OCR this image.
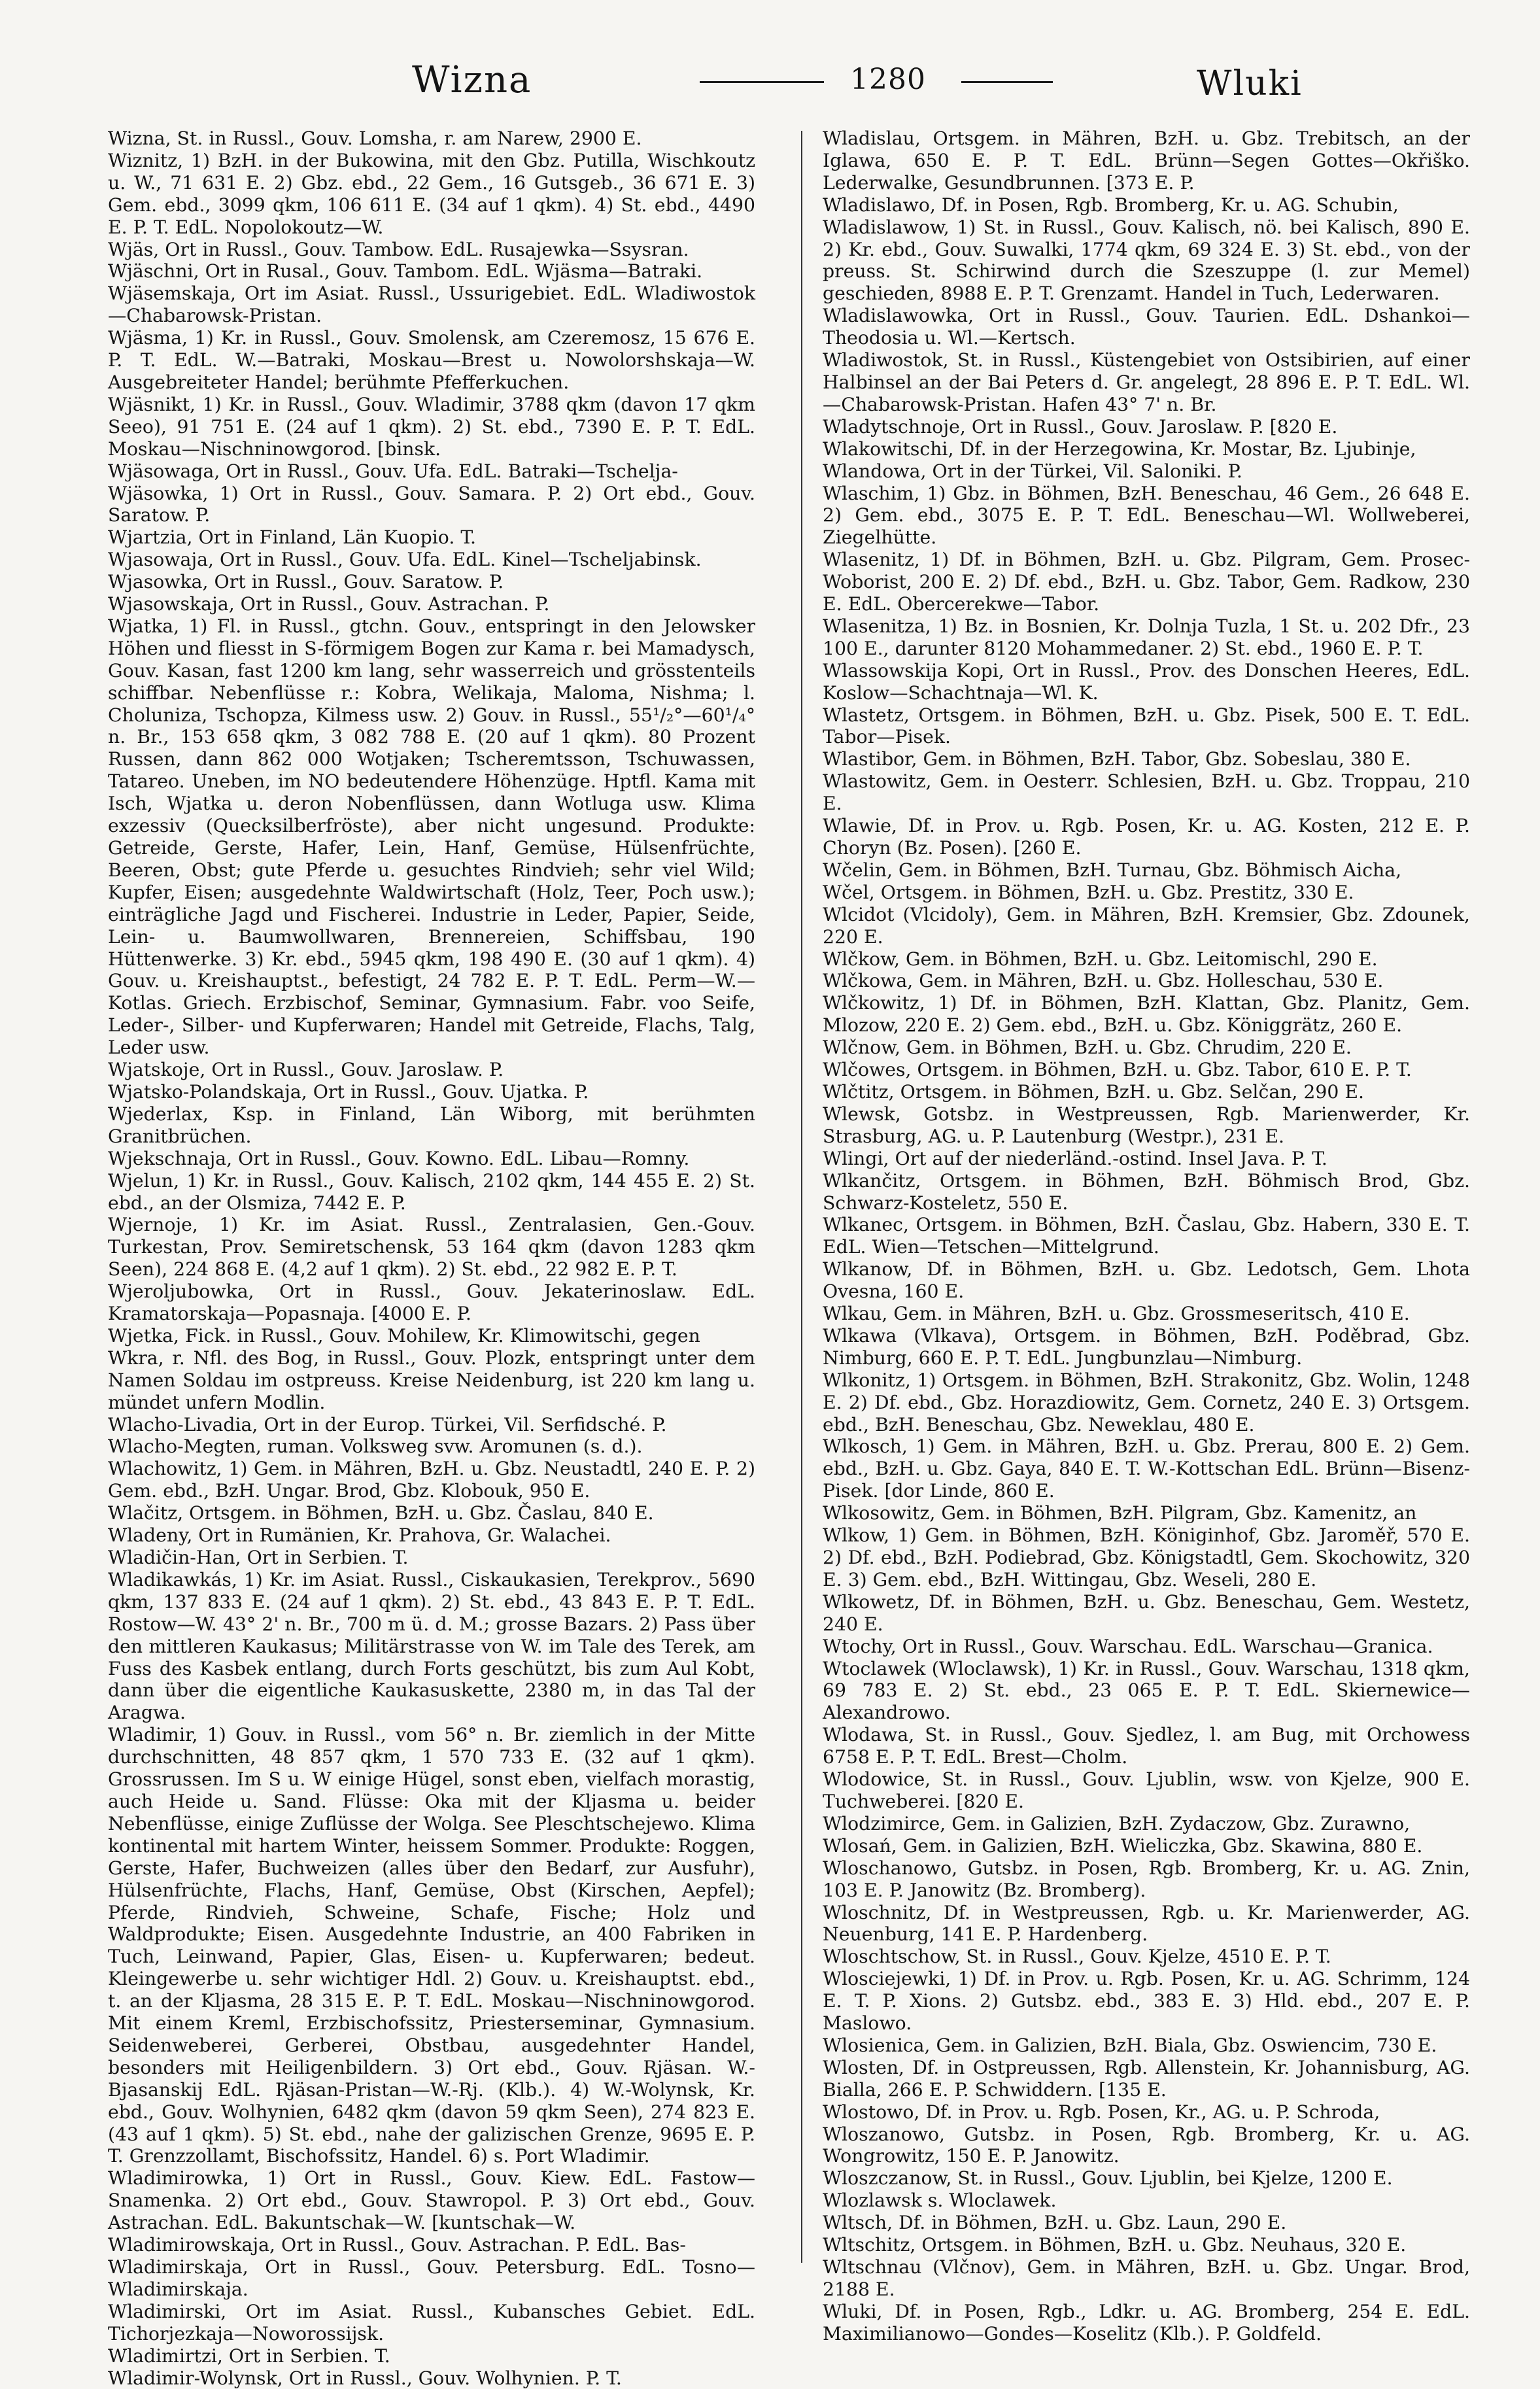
Wizna	1280	Wluki

Wizna, St. in Russl., Gouv. Lomsha, r. am Narew, 2900 E.

Wiznitz, 1) BzH. in der Bukowina, mit den Gbz. Putilla, Wischkoutz u. W., 71 631 E. 2) Gbz. ebd., 22 Gem., 16 Gutsgeb., 36 671 E. 3) Gem. ebd., 3099 qkm, 106 611 E. (34 auf 1 qkm). 4) St. ebd., 4490 E. P. T. EdL. Nopolokoutz—W.

Wjäs, Ort in Russl., Gouv. Tambow. EdL. Rusajewka—Ssysran.

Wjäschni, Ort in Rusal., Gouv. Tambom. EdL. Wjäsma—Batraki.

Wjäsemskaja, Ort im Asiat. Russl., Ussurigebiet. EdL. Wladiwostok—Chabarowsk-Pristan.

Wjäsma, 1) Kr. in Russl., Gouv. Smolensk, am Czeremosz, 15 676 E. P. T. EdL. W.—Batraki, Moskau—Brest u. Nowolorshskaja—W. Ausgebreiteter Handel; berühmte Pfefferkuchen.

Wjäsnikt, 1) Kr. in Russl., Gouv. Wladimir, 3788 qkm (davon 17 qkm Seeo), 91 751 E. (24 auf 1 qkm). 2) St. ebd., 7390 E. P. T. EdL. Moskau—Nischninowgorod. [binsk.

Wjäsowaga, Ort in Russl., Gouv. Ufa. EdL. Batraki—Tschelja-

Wjäsowka, 1) Ort in Russl., Gouv. Samara. P. 2) Ort ebd., Gouv. Saratow. P.

Wjartzia, Ort in Finland, Län Kuopio. T.

Wjasowaja, Ort in Russl., Gouv. Ufa. EdL. Kinel—Tscheljabinsk.

Wjasowka, Ort in Russl., Gouv. Saratow. P.

Wjasowskaja, Ort in Russl., Gouv. Astrachan. P.

Wjatka, 1) Fl. in Russl., gtchn. Gouv., entspringt in den Jelowsker Höhen und fliesst in S-förmigem Bogen zur Kama r. bei Mamadysch, Gouv. Kasan, fast 1200 km lang, sehr wasserreich und grösstenteils schiffbar. Nebenflüsse r.: Kobra, Welikaja, Maloma, Nishma; l. Choluniza, Tschopza, Kilmess usw. 2) Gouv. in Russl., 55¹/₂°—60¹/₄° n. Br., 153 658 qkm, 3 082 788 E. (20 auf 1 qkm). 80 Prozent Russen, dann 862 000 Wotjaken; Tscheremtsson, Tschuwassen, Tatareo. Uneben, im NO bedeutendere Höhenzüge. Hptfl. Kama mit Isch, Wjatka u. deron Nobenflüssen, dann Wotluga usw. Klima exzessiv (Quecksilberfröste), aber nicht ungesund. Produkte: Getreide, Gerste, Hafer, Lein, Hanf, Gemüse, Hülsenfrüchte, Beeren, Obst; gute Pferde u. gesuchtes Rindvieh; sehr viel Wild; Kupfer, Eisen; ausgedehnte Waldwirtschaft (Holz, Teer, Poch usw.); einträgliche Jagd und Fischerei. Industrie in Leder, Papier, Seide, Lein- u. Baumwollwaren, Brennereien, Schiffsbau, 190 Hüttenwerke. 3) Kr. ebd., 5945 qkm, 198 490 E. (30 auf 1 qkm). 4) Gouv. u. Kreishauptst., befestigt, 24 782 E. P. T. EdL. Perm—W.—Kotlas. Griech. Erzbischof, Seminar, Gymnasium. Fabr. voo Seife, Leder-, Silber- und Kupferwaren; Handel mit Getreide, Flachs, Talg, Leder usw.

Wjatskoje, Ort in Russl., Gouv. Jaroslaw. P.

Wjatsko-Polandskaja, Ort in Russl., Gouv. Ujatka. P.

Wjederlax, Ksp. in Finland, Län Wiborg, mit berühmten Granitbrüchen.

Wjekschnaja, Ort in Russl., Gouv. Kowno. EdL. Libau—Romny.

Wjelun, 1) Kr. in Russl., Gouv. Kalisch, 2102 qkm, 144 455 E. 2) St. ebd., an der Olsmiza, 7442 E. P.

Wjernoje, 1) Kr. im Asiat. Russl., Zentralasien, Gen.-Gouv. Turkestan, Prov. Semiretschensk, 53 164 qkm (davon 1283 qkm Seen), 224 868 E. (4,2 auf 1 qkm). 2) St. ebd., 22 982 E. P. T.

Wjeroljubowka, Ort in Russl., Gouv. Jekaterinoslaw. EdL. Kramatorskaja—Popasnaja. [4000 E. P.

Wjetka, Fick. in Russl., Gouv. Mohilew, Kr. Klimowitschi, gegen

Wkra, r. Nfl. des Bog, in Russl., Gouv. Plozk, entspringt unter dem Namen Soldau im ostpreuss. Kreise Neidenburg, ist 220 km lang u. mündet unfern Modlin.

Wlacho-Livadia, Ort in der Europ. Türkei, Vil. Serfidsché. P.

Wlacho-Megten, ruman. Volksweg svw. Aromunen (s. d.).

Wlachowitz, 1) Gem. in Mähren, BzH. u. Gbz. Neustadtl, 240 E. P. 2) Gem. ebd., BzH. Ungar. Brod, Gbz. Klobouk, 950 E.

Wlačitz, Ortsgem. in Böhmen, BzH. u. Gbz. Časlau, 840 E.

Wladeny, Ort in Rumänien, Kr. Prahova, Gr. Walachei.

Wladičin-Han, Ort in Serbien. T.

Wladikawkás, 1) Kr. im Asiat. Russl., Ciskaukasien, Terekprov., 5690 qkm, 137 833 E. (24 auf 1 qkm). 2) St. ebd., 43 843 E. P. T. EdL. Rostow—W. 43° 2' n. Br., 700 m ü. d. M.; grosse Bazars. 2) Pass über den mittleren Kaukasus; Militärstrasse von W. im Tale des Terek, am Fuss des Kasbek entlang, durch Forts geschützt, bis zum Aul Kobt, dann über die eigentliche Kaukasuskette, 2380 m, in das Tal der Aragwa.

Wladimir, 1) Gouv. in Russl., vom 56° n. Br. ziemlich in der Mitte durchschnitten, 48 857 qkm, 1 570 733 E. (32 auf 1 qkm). Grossrussen. Im S u. W einige Hügel, sonst eben, vielfach morastig, auch Heide u. Sand. Flüsse: Oka mit der Kljasma u. beider Nebenflüsse, einige Zuflüsse der Wolga. See Pleschtschejewo. Klima kontinental mit hartem Winter, heissem Sommer. Produkte: Roggen, Gerste, Hafer, Buchweizen (alles über den Bedarf, zur Ausfuhr), Hülsenfrüchte, Flachs, Hanf, Gemüse, Obst (Kirschen, Aepfel); Pferde, Rindvieh, Schweine, Schafe, Fische; Holz und Waldprodukte; Eisen. Ausgedehnte Industrie, an 400 Fabriken in Tuch, Leinwand, Papier, Glas, Eisen- u. Kupferwaren; bedeut. Kleingewerbe u. sehr wichtiger Hdl. 2) Gouv. u. Kreishauptst. ebd., t. an der Kljasma, 28 315 E. P. T. EdL. Moskau—Nischninowgorod. Mit einem Kreml, Erzbischofssitz, Priesterseminar, Gymnasium. Seidenweberei, Gerberei, Obstbau, ausgedehnter Handel, besonders mit Heiligenbildern. 3) Ort ebd., Gouv. Rjäsan. W.-Bjasanskij EdL. Rjäsan-Pristan—W.-Rj. (Klb.). 4) W.-Wolynsk, Kr. ebd., Gouv. Wolhynien, 6482 qkm (davon 59 qkm Seen), 274 823 E. (43 auf 1 qkm). 5) St. ebd., nahe der galizischen Grenze, 9695 E. P. T. Grenzzollamt, Bischofssitz, Handel. 6) s. Port Wladimir.

Wladimirowka, 1) Ort in Russl., Gouv. Kiew. EdL. Fastow—Snamenka. 2) Ort ebd., Gouv. Stawropol. P. 3) Ort ebd., Gouv. Astrachan. EdL. Bakuntschak—W. [kuntschak—W.

Wladimirowskaja, Ort in Russl., Gouv. Astrachan. P. EdL. Bas-

Wladimirskaja, Ort in Russl., Gouv. Petersburg. EdL. Tosno—Wladimirskaja.

Wladimirski, Ort im Asiat. Russl., Kubansches Gebiet. EdL. Tichorjezkaja—Noworossijsk.

Wladimirtzi, Ort in Serbien. T.

Wladimir-Wolynsk, Ort in Russl., Gouv. Wolhynien. P. T.

Wladislau, Ortsgem. in Mähren, BzH. u. Gbz. Trebitsch, an der Iglawa, 650 E. P. T. EdL. Brünn—Segen Gottes—Okřiško. Lederwalke, Gesundbrunnen. [373 E. P.

Wladislawo, Df. in Posen, Rgb. Bromberg, Kr. u. AG. Schubin,

Wladislawow, 1) St. in Russl., Gouv. Kalisch, nö. bei Kalisch, 890 E. 2) Kr. ebd., Gouv. Suwalki, 1774 qkm, 69 324 E. 3) St. ebd., von der preuss. St. Schirwind durch die Szeszuppe (l. zur Memel) geschieden, 8988 E. P. T. Grenzamt. Handel in Tuch, Lederwaren.

Wladislawowka, Ort in Russl., Gouv. Taurien. EdL. Dshankoi—Theodosia u. Wl.—Kertsch.

Wladiwostok, St. in Russl., Küstengebiet von Ostsibirien, auf einer Halbinsel an der Bai Peters d. Gr. angelegt, 28 896 E. P. T. EdL. Wl.—Chabarowsk-Pristan. Hafen 43° 7' n. Br.

Wladytschnoje, Ort in Russl., Gouv. Jaroslaw. P. [820 E.

Wlakowitschi, Df. in der Herzegowina, Kr. Mostar, Bz. Ljubinje,

Wlandowa, Ort in der Türkei, Vil. Saloniki. P.

Wlaschim, 1) Gbz. in Böhmen, BzH. Beneschau, 46 Gem., 26 648 E. 2) Gem. ebd., 3075 E. P. T. EdL. Beneschau—Wl. Wollweberei, Ziegelhütte.

Wlasenitz, 1) Df. in Böhmen, BzH. u. Gbz. Pilgram, Gem. Prosec-Woborist, 200 E. 2) Df. ebd., BzH. u. Gbz. Tabor, Gem. Radkow, 230 E. EdL. Obercerekwe—Tabor.

Wlasenitza, 1) Bz. in Bosnien, Kr. Dolnja Tuzla, 1 St. u. 202 Dfr., 23 100 E., darunter 8120 Mohammedaner. 2) St. ebd., 1960 E. P. T.

Wlassowskija Kopi, Ort in Russl., Prov. des Donschen Heeres, EdL. Koslow—Schachtnaja—Wl. K.

Wlastetz, Ortsgem. in Böhmen, BzH. u. Gbz. Pisek, 500 E. T. EdL. Tabor—Pisek.

Wlastibor, Gem. in Böhmen, BzH. Tabor, Gbz. Sobeslau, 380 E.

Wlastowitz, Gem. in Oesterr. Schlesien, BzH. u. Gbz. Troppau, 210 E.

Wlawie, Df. in Prov. u. Rgb. Posen, Kr. u. AG. Kosten, 212 E. P. Choryn (Bz. Posen). [260 E.

Wčelin, Gem. in Böhmen, BzH. Turnau, Gbz. Böhmisch Aicha,

Wčel, Ortsgem. in Böhmen, BzH. u. Gbz. Prestitz, 330 E.

Wlcidot (Vlcidoly), Gem. in Mähren, BzH. Kremsier, Gbz. Zdounek, 220 E.

Wlčkow, Gem. in Böhmen, BzH. u. Gbz. Leitomischl, 290 E.

Wlčkowa, Gem. in Mähren, BzH. u. Gbz. Holleschau, 530 E.

Wlčkowitz, 1) Df. in Böhmen, BzH. Klattan, Gbz. Planitz, Gem. Mlozow, 220 E. 2) Gem. ebd., BzH. u. Gbz. Königgrätz, 260 E.

Wlčnow, Gem. in Böhmen, BzH. u. Gbz. Chrudim, 220 E.

Wlčowes, Ortsgem. in Böhmen, BzH. u. Gbz. Tabor, 610 E. P. T.

Wlčtitz, Ortsgem. in Böhmen, BzH. u. Gbz. Selčan, 290 E.

Wlewsk, Gotsbz. in Westpreussen, Rgb. Marienwerder, Kr. Strasburg, AG. u. P. Lautenburg (Westpr.), 231 E.

Wlingi, Ort auf der niederländ.-ostind. Insel Java. P. T.

Wlkančitz, Ortsgem. in Böhmen, BzH. Böhmisch Brod, Gbz. Schwarz-Kosteletz, 550 E.

Wlkanec, Ortsgem. in Böhmen, BzH. Časlau, Gbz. Habern, 330 E. T. EdL. Wien—Tetschen—Mittelgrund.

Wlkanow, Df. in Böhmen, BzH. u. Gbz. Ledotsch, Gem. Lhota Ovesna, 160 E.

Wlkau, Gem. in Mähren, BzH. u. Gbz. Grossmeseritsch, 410 E.

Wlkawa (Vlkava), Ortsgem. in Böhmen, BzH. Poděbrad, Gbz. Nimburg, 660 E. P. T. EdL. Jungbunzlau—Nimburg.

Wlkonitz, 1) Ortsgem. in Böhmen, BzH. Strakonitz, Gbz. Wolin, 1248 E. 2) Df. ebd., Gbz. Horazdiowitz, Gem. Cornetz, 240 E. 3) Ortsgem. ebd., BzH. Beneschau, Gbz. Neweklau, 480 E.

Wlkosch, 1) Gem. in Mähren, BzH. u. Gbz. Prerau, 800 E. 2) Gem. ebd., BzH. u. Gbz. Gaya, 840 E. T. W.-Kottschan EdL. Brünn—Bisenz-Pisek. [dor Linde, 860 E.

Wlkosowitz, Gem. in Böhmen, BzH. Pilgram, Gbz. Kamenitz, an

Wlkow, 1) Gem. in Böhmen, BzH. Königinhof, Gbz. Jaroměř, 570 E. 2) Df. ebd., BzH. Podiebrad, Gbz. Königstadtl, Gem. Skochowitz, 320 E. 3) Gem. ebd., BzH. Wittingau, Gbz. Weseli, 280 E.

Wlkowetz, Df. in Böhmen, BzH. u. Gbz. Beneschau, Gem. Westetz, 240 E.

Wtochy, Ort in Russl., Gouv. Warschau. EdL. Warschau—Granica.

Wtoclawek (Wloclawsk), 1) Kr. in Russl., Gouv. Warschau, 1318 qkm, 69 783 E. 2) St. ebd., 23 065 E. P. T. EdL. Skiernewice—Alexandrowo.

Wlodawa, St. in Russl., Gouv. Sjedlez, l. am Bug, mit Orchowess 6758 E. P. T. EdL. Brest—Cholm.

Wlodowice, St. in Russl., Gouv. Ljublin, wsw. von Kjelze, 900 E. Tuchweberei. [820 E.

Wlodzimirce, Gem. in Galizien, BzH. Zydaczow, Gbz. Zurawno,

Wlosań, Gem. in Galizien, BzH. Wieliczka, Gbz. Skawina, 880 E.

Wloschanowo, Gutsbz. in Posen, Rgb. Bromberg, Kr. u. AG. Znin, 103 E. P. Janowitz (Bz. Bromberg).

Wloschnitz, Df. in Westpreussen, Rgb. u. Kr. Marienwerder, AG. Neuenburg, 141 E. P. Hardenberg.

Wloschtschow, St. in Russl., Gouv. Kjelze, 4510 E. P. T.

Wlosciejewki, 1) Df. in Prov. u. Rgb. Posen, Kr. u. AG. Schrimm, 124 E. T. P. Xions. 2) Gutsbz. ebd., 383 E. 3) Hld. ebd., 207 E. P. Maslowo.

Wlosienica, Gem. in Galizien, BzH. Biala, Gbz. Oswiencim, 730 E.

Wlosten, Df. in Ostpreussen, Rgb. Allenstein, Kr. Johannisburg, AG. Bialla, 266 E. P. Schwiddern. [135 E.

Wlostowo, Df. in Prov. u. Rgb. Posen, Kr., AG. u. P. Schroda,

Wloszanowo, Gutsbz. in Posen, Rgb. Bromberg, Kr. u. AG. Wongrowitz, 150 E. P. Janowitz.

Wloszczanow, St. in Russl., Gouv. Ljublin, bei Kjelze, 1200 E.

Wlozlawsk s. Wloclawek.

Wltsch, Df. in Böhmen, BzH. u. Gbz. Laun, 290 E.

Wltschitz, Ortsgem. in Böhmen, BzH. u. Gbz. Neuhaus, 320 E.

Wltschnau (Vlčnov), Gem. in Mähren, BzH. u. Gbz. Ungar. Brod, 2188 E.

Wluki, Df. in Posen, Rgb., Ldkr. u. AG. Bromberg, 254 E. EdL. Maximilianowo—Gondes—Koselitz (Klb.). P. Goldfeld.
